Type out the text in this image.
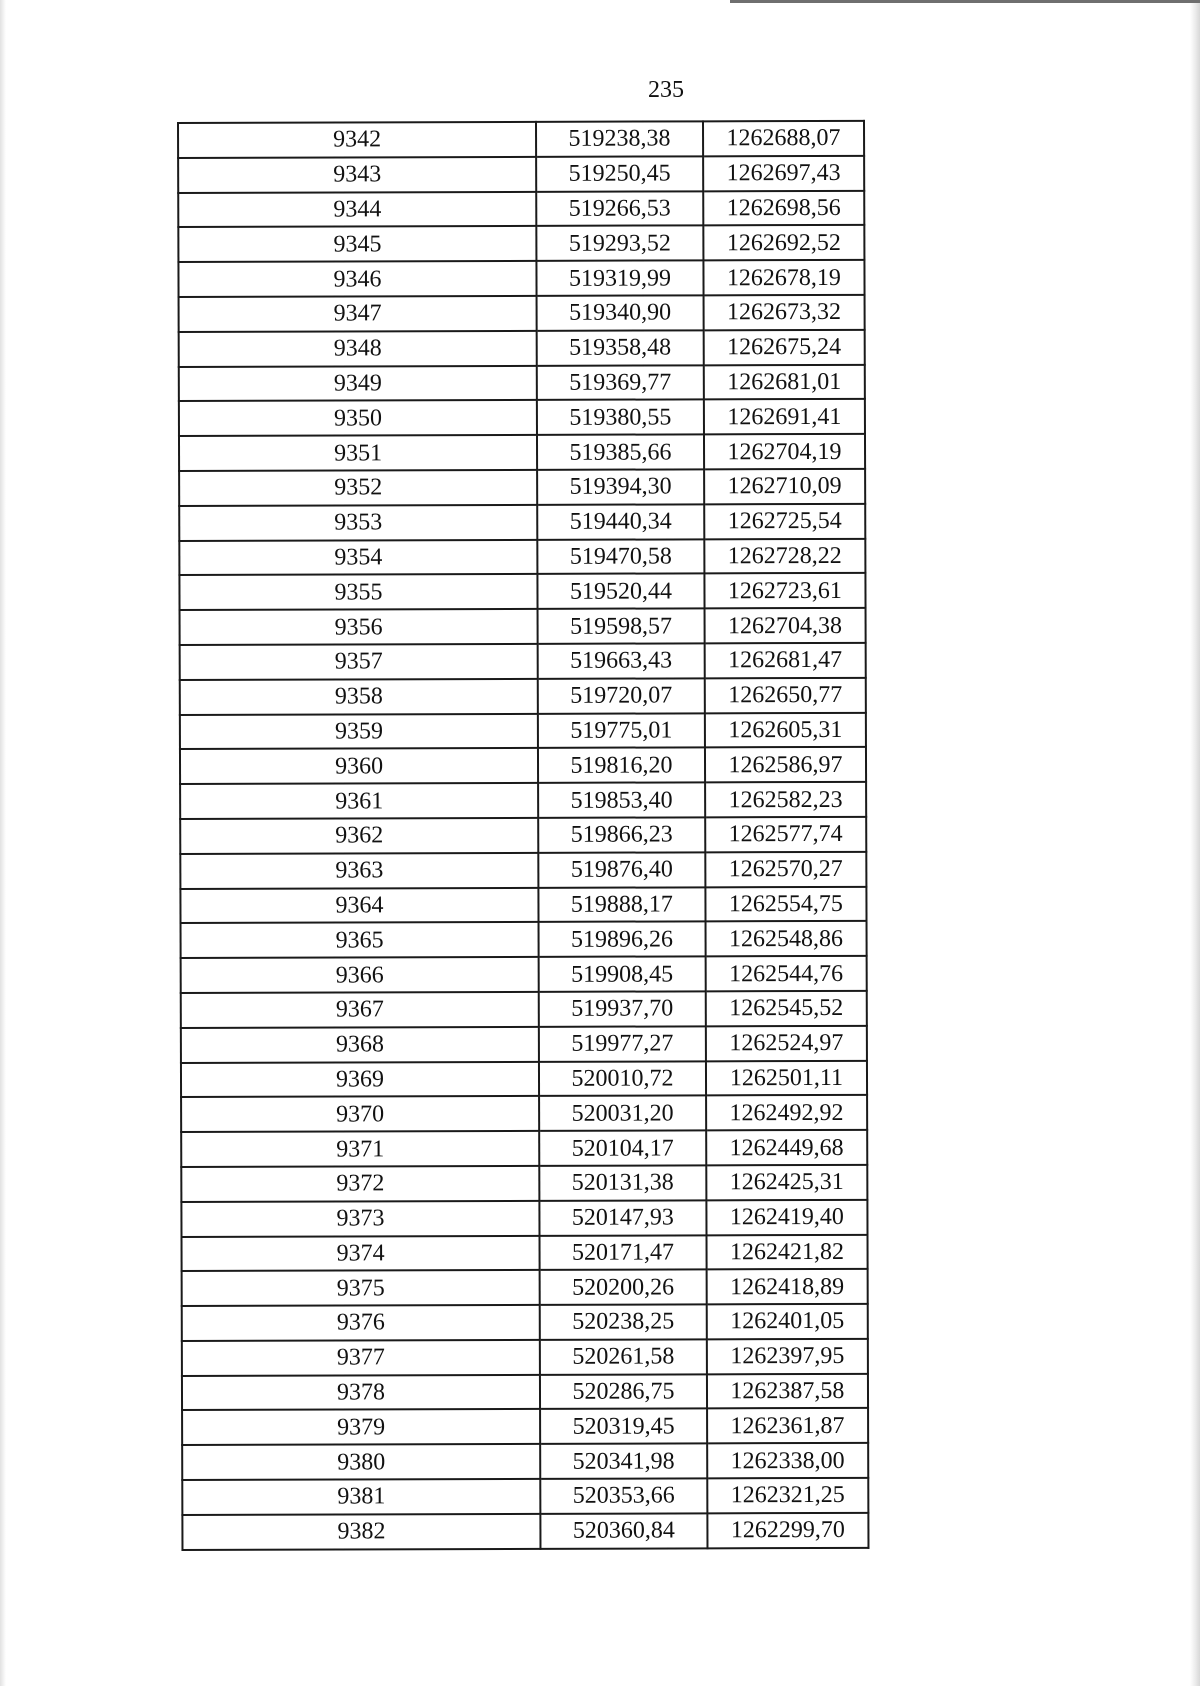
235
9342	519238,38	1262688,07
9343	519250,45	1262697,43
9344	519266,53	1262698,56
9345	519293,52	1262692,52
9346	519319,99	1262678,19
9347	519340,90	1262673,32
9348	519358,48	1262675,24
9349	519369,77	1262681,01
9350	519380,55	1262691,41
9351	519385,66	1262704,19
9352	519394,30	1262710,09
9353	519440,34	1262725,54
9354	519470,58	1262728,22
9355	519520,44	1262723,61
9356	519598,57	1262704,38
9357	519663,43	1262681,47
9358	519720,07	1262650,77
9359	519775,01	1262605,31
9360	519816,20	1262586,97
9361	519853,40	1262582,23
9362	519866,23	1262577,74
9363	519876,40	1262570,27
9364	519888,17	1262554,75
9365	519896,26	1262548,86
9366	519908,45	1262544,76
9367	519937,70	1262545,52
9368	519977,27	1262524,97
9369	520010,72	1262501,11
9370	520031,20	1262492,92
9371	520104,17	1262449,68
9372	520131,38	1262425,31
9373	520147,93	1262419,40
9374	520171,47	1262421,82
9375	520200,26	1262418,89
9376	520238,25	1262401,05
9377	520261,58	1262397,95
9378	520286,75	1262387,58
9379	520319,45	1262361,87
9380	520341,98	1262338,00
9381	520353,66	1262321,25
9382	520360,84	1262299,70
